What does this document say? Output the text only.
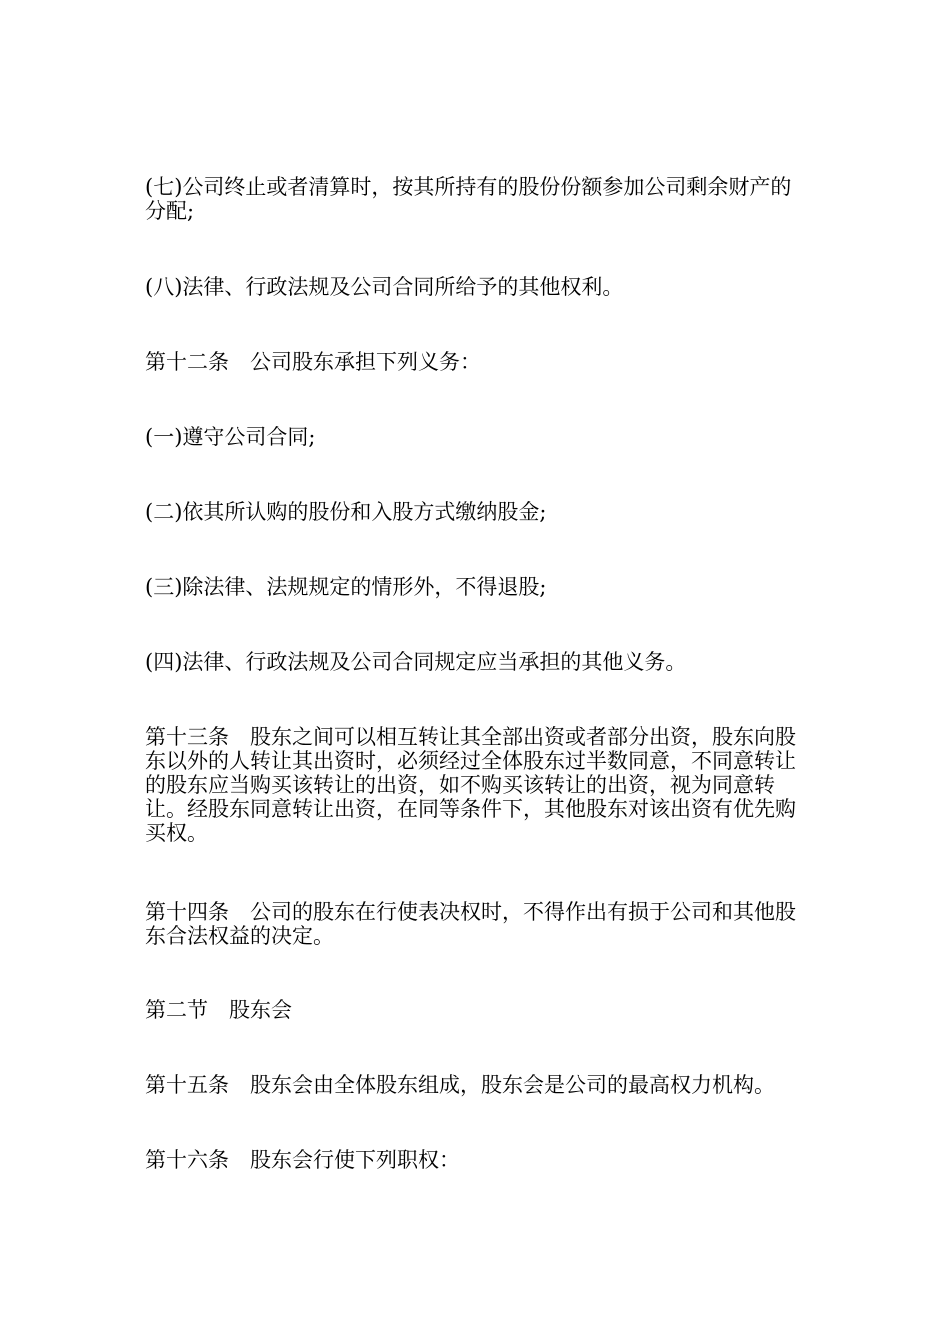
(七)公司终止或者清算时，按其所持有的股份份额参加公司剩余财产的分配;

(八)法律、行政法规及公司合同所给予的其他权利。

第十二条　公司股东承担下列义务：

(一)遵守公司合同;

(二)依其所认购的股份和入股方式缴纳股金;

(三)除法律、法规规定的情形外，不得退股;

(四)法律、行政法规及公司合同规定应当承担的其他义务。

第十三条　股东之间可以相互转让其全部出资或者部分出资，股东向股东以外的人转让其出资时，必须经过全体股东过半数同意，不同意转让的股东应当购买该转让的出资，如不购买该转让的出资，视为同意转让。经股东同意转让出资，在同等条件下，其他股东对该出资有优先购买权。

第十四条　公司的股东在行使表决权时，不得作出有损于公司和其他股东合法权益的决定。

第二节　股东会

第十五条　股东会由全体股东组成，股东会是公司的最高权力机构。

第十六条　股东会行使下列职权：
